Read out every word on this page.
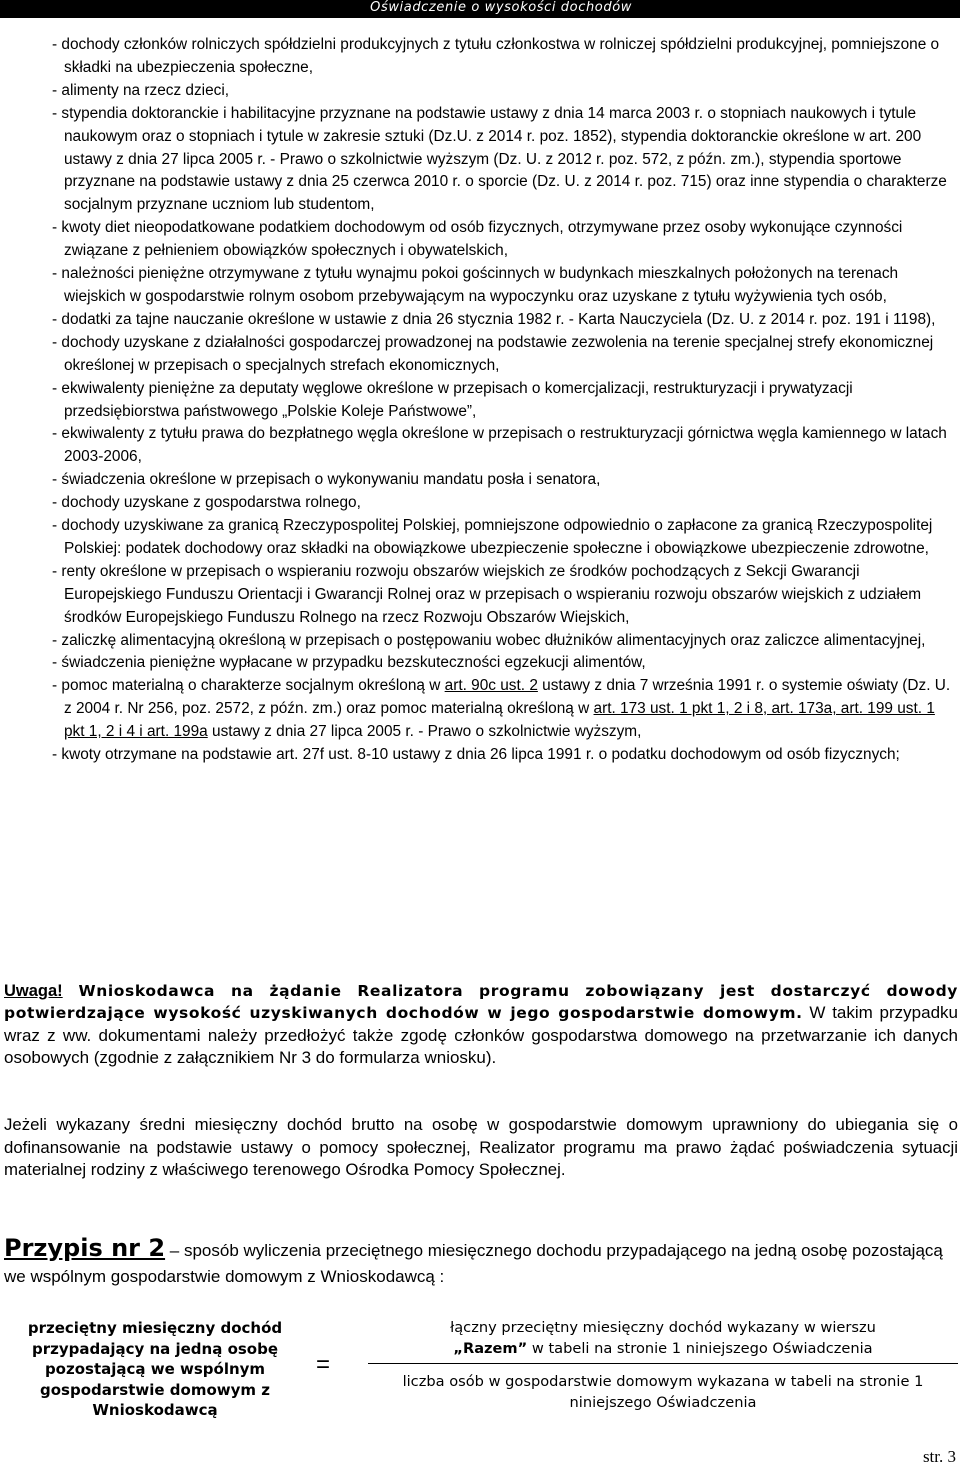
Oświadczenie o wysokości dochodów

- dochody członków rolniczych spółdzielni produkcyjnych z tytułu członkostwa w rolniczej spółdzielni produkcyjnej, pomniejszone o składki na ubezpieczenia społeczne,

- alimenty na rzecz dzieci,

- stypendia doktoranckie i habilitacyjne przyznane na podstawie ustawy z dnia 14 marca 2003 r. o stopniach naukowych i tytule naukowym oraz o stopniach i tytule w zakresie sztuki (Dz.U. z 2014 r. poz. 1852), stypendia doktoranckie określone w art. 200 ustawy z dnia 27 lipca 2005 r. - Prawo o szkolnictwie wyższym (Dz. U. z 2012 r. poz. 572, z późn. zm.), stypendia sportowe przyznane na podstawie ustawy z dnia 25 czerwca 2010 r. o sporcie (Dz. U. z 2014 r. poz. 715) oraz inne stypendia o charakterze socjalnym przyznane uczniom lub studentom,

- kwoty diet nieopodatkowane podatkiem dochodowym od osób fizycznych, otrzymywane przez osoby wykonujące czynności związane z pełnieniem obowiązków społecznych i obywatelskich,

- należności pieniężne otrzymywane z tytułu wynajmu pokoi gościnnych w budynkach mieszkalnych położonych na terenach wiejskich w gospodarstwie rolnym osobom przebywającym na wypoczynku oraz uzyskane z tytułu wyżywienia tych osób,

- dodatki za tajne nauczanie określone w ustawie z dnia 26 stycznia 1982 r. - Karta Nauczyciela (Dz. U. z 2014 r. poz. 191 i 1198),

- dochody uzyskane z działalności gospodarczej prowadzonej na podstawie zezwolenia na terenie specjalnej strefy ekonomicznej określonej w przepisach o specjalnych strefach ekonomicznych,

- ekwiwalenty pieniężne za deputaty węglowe określone w przepisach o komercjalizacji, restrukturyzacji i prywatyzacji przedsiębiorstwa państwowego „Polskie Koleje Państwowe”,

- ekwiwalenty z tytułu prawa do bezpłatnego węgla określone w przepisach o restrukturyzacji górnictwa węgla kamiennego w latach 2003-2006,

- świadczenia określone w przepisach o wykonywaniu mandatu posła i senatora,

- dochody uzyskane z gospodarstwa rolnego,

- dochody uzyskiwane za granicą Rzeczypospolitej Polskiej, pomniejszone odpowiednio o zapłacone za granicą Rzeczypospolitej Polskiej: podatek dochodowy oraz składki na obowiązkowe ubezpieczenie społeczne i obowiązkowe ubezpieczenie zdrowotne,

- renty określone w przepisach o wspieraniu rozwoju obszarów wiejskich ze środków pochodzących z Sekcji Gwarancji Europejskiego Funduszu Orientacji i Gwarancji Rolnej oraz w przepisach o wspieraniu rozwoju obszarów wiejskich z udziałem środków Europejskiego Funduszu Rolnego na rzecz Rozwoju Obszarów Wiejskich,

- zaliczkę alimentacyjną określoną w przepisach o postępowaniu wobec dłużników alimentacyjnych oraz zaliczce alimentacyjnej,

- świadczenia pieniężne wypłacane w przypadku bezskuteczności egzekucji alimentów,

- pomoc materialną o charakterze socjalnym określoną w art. 90c ust. 2 ustawy z dnia 7 września 1991 r. o systemie oświaty (Dz. U. z 2004 r. Nr 256, poz. 2572, z późn. zm.) oraz pomoc materialną określoną w art. 173 ust. 1 pkt 1, 2 i 8, art. 173a, art. 199 ust. 1 pkt 1, 2 i 4 i art. 199a ustawy z dnia 27 lipca 2005 r. - Prawo o szkolnictwie wyższym,

- kwoty otrzymane na podstawie art. 27f ust. 8-10 ustawy z dnia 26 lipca 1991 r. o podatku dochodowym od osób fizycznych;

Uwaga! Wnioskodawca na żądanie Realizatora programu zobowiązany jest dostarczyć dowody potwierdzające wysokość uzyskiwanych dochodów w jego gospodarstwie domowym. W takim przypadku wraz z ww. dokumentami należy przedłożyć także zgodę członków gospodarstwa domowego na przetwarzanie ich danych osobowych (zgodnie z załącznikiem Nr 3 do formularza wniosku).
Jeżeli wykazany średni miesięczny dochód brutto na osobę w gospodarstwie domowym uprawniony do ubiegania się o dofinansowanie na podstawie ustawy o pomocy społecznej, Realizator programu ma prawo żądać poświadczenia sytuacji materialnej rodziny z właściwego terenowego Ośrodka Pomocy Społecznej.
Przypis nr 2 – sposób wyliczenia przeciętnego miesięcznego dochodu przypadającego na jedną osobę pozostającą we wspólnym gospodarstwie domowym z Wnioskodawcą :
przeciętny miesięczny dochód przypadający na jedną osobę pozostającą we wspólnym gospodarstwie domowym z Wnioskodawcą
=
łączny przeciętny miesięczny dochód wykazany w wierszu
„Razem” w tabeli na stronie 1 niniejszego Oświadczenia
liczba osób w gospodarstwie domowym wykazana w tabeli na stronie 1 niniejszego Oświadczenia
str. 3
